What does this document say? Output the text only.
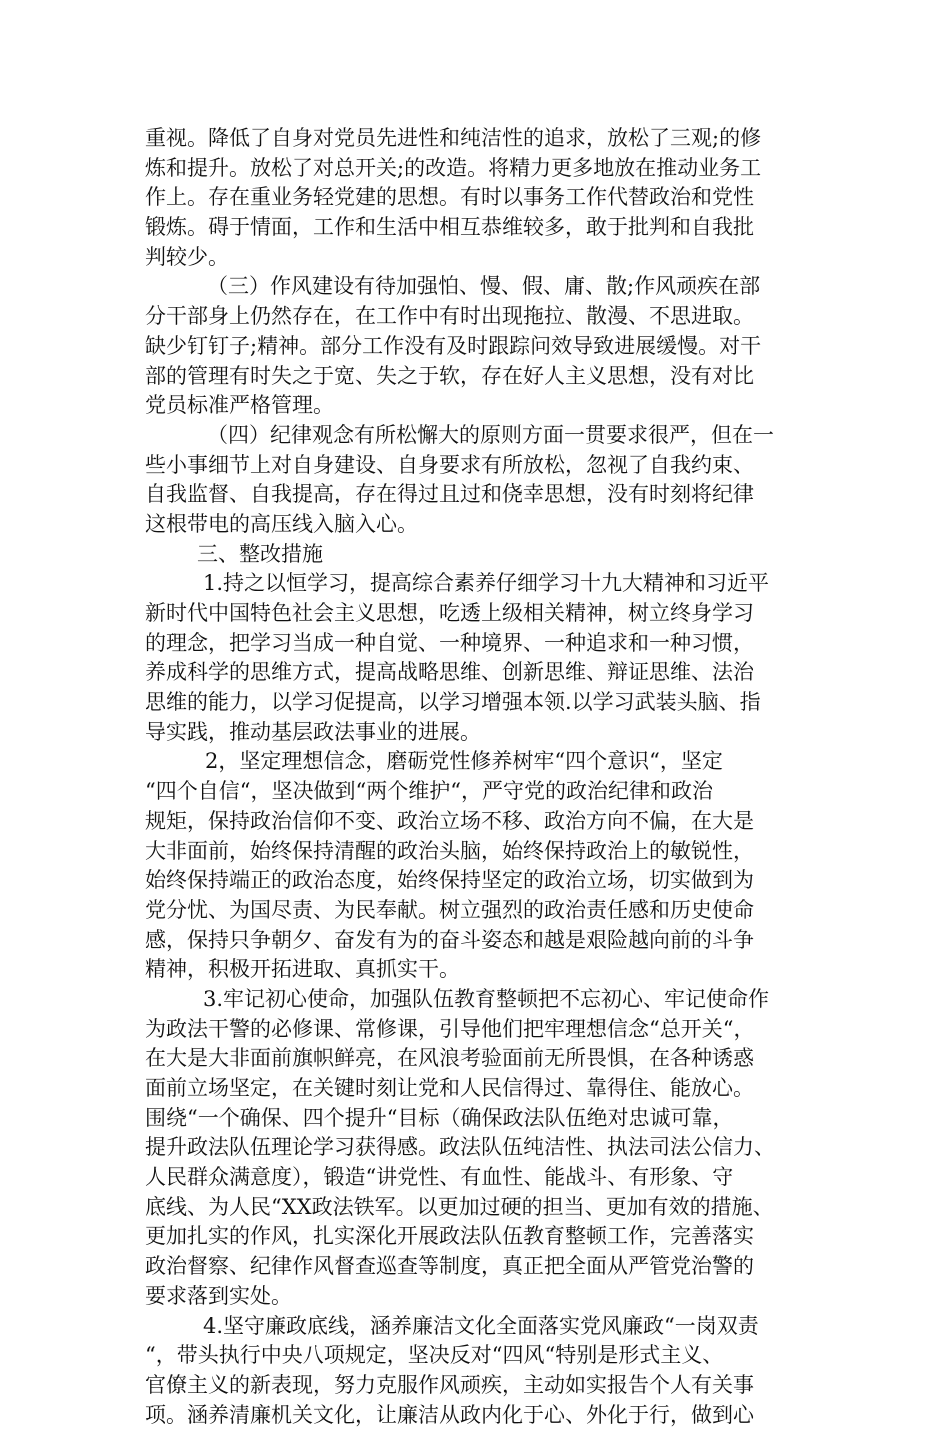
重视。降低了自身对党员先进性和纯洁性的追求，放松了三观;的修
炼和提升。放松了对总开关;的改造。将精力更多地放在推动业务工
作上。存在重业务轻党建的思想。有时以事务工作代替政治和党性
锻炼。碍于情面，工作和生活中相互恭维较多，敢于批判和自我批
判较少。
（三）作风建设有待加强怕、慢、假、庸、散;作风顽疾在部
分干部身上仍然存在，在工作中有时出现拖拉、散漫、不思进取。
缺少钉钉子;精神。部分工作没有及时跟踪问效导致进展缓慢。对干
部的管理有时失之于宽、失之于软，存在好人主义思想，没有对比
党员标准严格管理。
（四）纪律观念有所松懈大的原则方面一贯要求很严，但在一
些小事细节上对自身建设、自身要求有所放松，忽视了自我约束、
自我监督、自我提高，存在得过且过和侥幸思想，没有时刻将纪律
这根带电的高压线入脑入心。
三、整改措施
1.持之以恒学习，提高综合素养仔细学习十九大精神和习近平
新时代中国特色社会主义思想，吃透上级相关精神，树立终身学习
的理念，把学习当成一种自觉、一种境界、一种追求和一种习惯，
养成科学的思维方式，提高战略思维、创新思维、辩证思维、法治
思维的能力，以学习促提高，以学习增强本领.以学习武装头脑、指
导实践，推动基层政法事业的进展。
2，坚定理想信念，磨砺党性修养树牢“四个意识“，坚定
“四个自信“，坚决做到“两个维护“，严守党的政治纪律和政治
规矩，保持政治信仰不变、政治立场不移、政治方向不偏，在大是
大非面前，始终保持清醒的政治头脑，始终保持政治上的敏锐性，
始终保持端正的政治态度，始终保持坚定的政治立场，切实做到为
党分忧、为国尽责、为民奉献。树立强烈的政治责任感和历史使命
感，保持只争朝夕、奋发有为的奋斗姿态和越是艰险越向前的斗争
精神，积极开拓进取、真抓实干。
3.牢记初心使命，加强队伍教育整顿把不忘初心、牢记使命作
为政法干警的必修课、常修课，引导他们把牢理想信念“总开关“，
在大是大非面前旗帜鲜亮，在风浪考验面前无所畏惧，在各种诱惑
面前立场坚定，在关键时刻让党和人民信得过、靠得住、能放心。
围绕“一个确保、四个提升“目标（确保政法队伍绝对忠诚可靠，
提升政法队伍理论学习获得感。政法队伍纯洁性、执法司法公信力、
人民群众满意度），锻造“讲党性、有血性、能战斗、有形象、守
底线、为人民“XX政法铁军。以更加过硬的担当、更加有效的措施、
更加扎实的作风，扎实深化开展政法队伍教育整顿工作，完善落实
政治督察、纪律作风督查巡查等制度，真正把全面从严管党治警的
要求落到实处。
4.坚守廉政底线，涵养廉洁文化全面落实党风廉政“一岗双责
“，带头执行中央八项规定，坚决反对“四风“特别是形式主义、
官僚主义的新表现，努力克服作风顽疾，主动如实报告个人有关事
项。涵养清廉机关文化，让廉洁从政内化于心、外化于行，做到心
